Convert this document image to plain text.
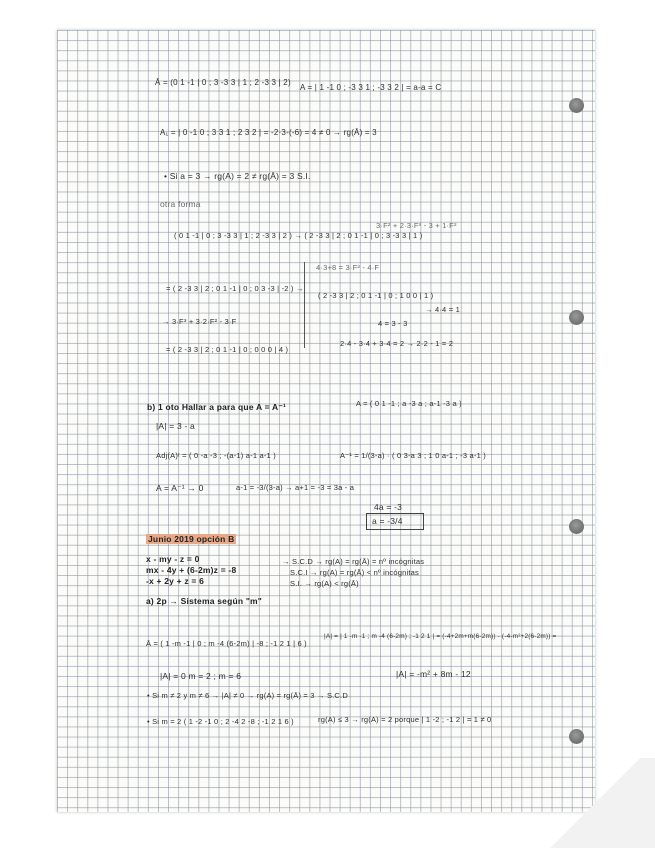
Ā = (0 1 -1 | 0 ; 3 -3 3 | 1 ; 2 -3 3 | 2)
A = | 1 -1 0 ; -3 3 1 ; -3 3 2 | = a-a = C
A₁ = | 0 -1 0 ; 3 3 1 ; 2 3 2 | = -2·3-(-6) = 4 ≠ 0 → rg(Ā) = 3
• Si a = 3 → rg(A) = 2 ≠ rg(Ā) = 3 S.I.
otra forma
( 0 1 -1 | 0 ; 3 -3 3 | 1 ; 2 -3 3 | 2 ) → ( 2 -3 3 | 2 ; 0 1 -1 | 0 ; 3 -3 3 | 1 )
3·F² + 2·3·F³ - 3 + 1·F²
= ( 2 -3 3 | 2 ; 0 1 -1 | 0 ; 0 3 -3 | -2 ) →
4·3+8 = 3·F² - 4·F
( 2 -3 3 | 2 ; 0 1 -1 | 0 ; 1 0 0 | 1 )
→ 4·4 = 1
→ 3·F³ + 3·2·F² - 3·F	4 = 3 - 3
= ( 2 -3 3 | 2 ; 0 1 -1 | 0 ; 0 0 0 | 4 )
2·4 - 3·4 + 3·4 = 2 → 2·2 - 1 = 2
b) 1 oto Hallar a para que A = A⁻¹	A = ( 0 1 -1 ; a -3 a ; a-1 -3 a )
|A| = 3 - a
Adj(A)ᵗ = ( 0 -a -3 ; -(a-1) a-1 a-1 )	A⁻¹ = 1/(3-a) · ( 0 3-a 3 ; 1 0 a-1 ; -3 a-1 )
A = A⁻¹ → 0	a-1 = -3/(3-a) → a+1 = -3 = 3a - a
4a = -3
a = -3/4
Junio 2019 opción B
x - my - z = 0
mx - 4y + (6-2m)z = -8
-x + 2y + z = 6
→ S.C.D → rg(A) = rg(Ā) = nº incógnitas
S.C.I → rg(A) = rg(Ā) < nº incógnitas
S.I. → rg(A) < rg(Ā)
a) 2p → Sistema según "m"
Ā = ( 1 -m -1 | 0 ; m -4 (6-2m) | -8 ; -1 2 1 | 6 )
|A| = | 1 -m -1 ; m -4 (6-2m) ; -1 2 1 | = (-4+2m+m(6-2m)) - (-4-m²+2(6-2m)) =
|A| = 0 m = 2 ; m = 6	|A| = -m² + 8m - 12
• Si m ≠ 2 y m ≠ 6 → |A| ≠ 0 → rg(A) = rg(Ā) = 3 → S.C.D
• Si m = 2 ( 1 -2 -1 0 ; 2 -4 2 -8 ; -1 2 1 6 )	rg(A) ≤ 3 → rg(A) = 2 porque | 1 -2 ; -1 2 | = 1 ≠ 0
